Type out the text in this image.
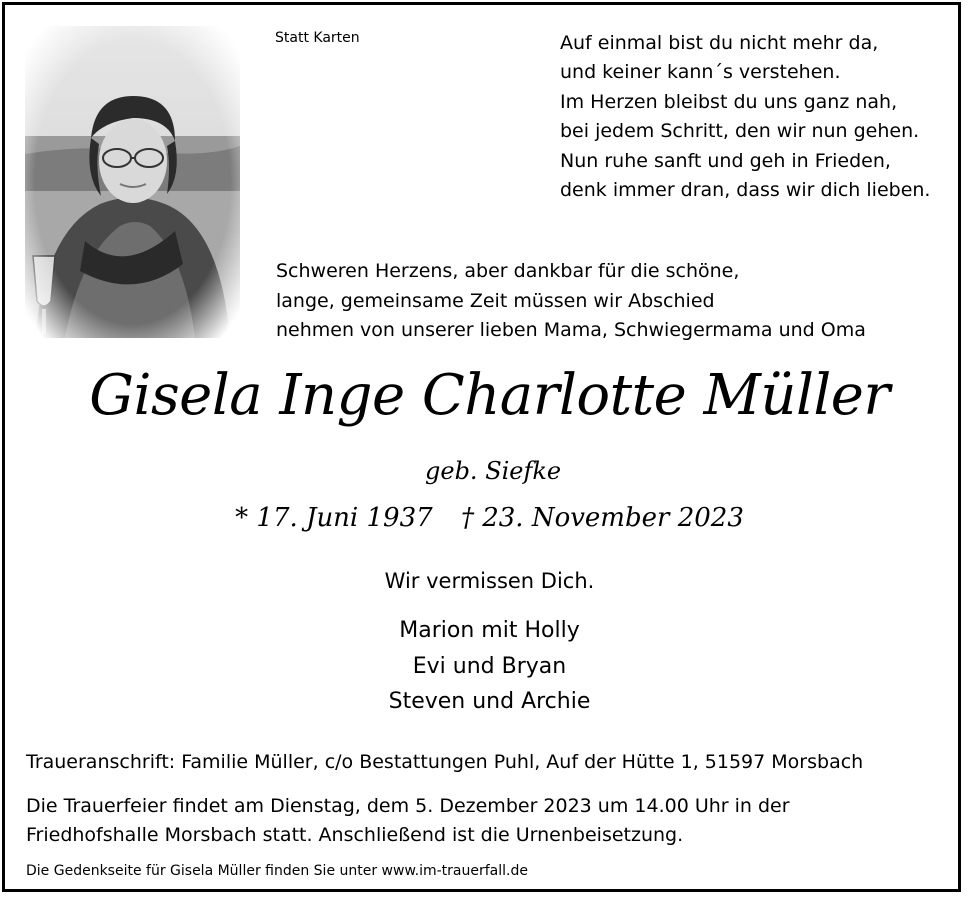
Statt Karten	Auf einmal bist du nicht mehr da,
und keiner kann´s verstehen.
Im Herzen bleibst du uns ganz nah,
bei jedem Schritt, den wir nun gehen.
Nun ruhe sanft und geh in Frieden,
denk immer dran, dass wir dich lieben.
Schweren Herzens, aber dankbar für die schöne,
lange, gemeinsame Zeit müssen wir Abschied
nehmen von unserer lieben Mama, Schwiegermama und Oma
Gisela Inge Charlotte Müller
geb. Siefke
* 17. Juni 1937 † 23. November 2023
Wir vermissen Dich.
Marion mit Holly
Evi und Bryan
Steven und Archie
Traueranschrift: Familie Müller, c/o Bestattungen Puhl, Auf der Hütte 1, 51597 Morsbach
Die Trauerfeier findet am Dienstag, dem 5. Dezember 2023 um 14.00 Uhr in der
Friedhofshalle Morsbach statt. Anschließend ist die Urnenbeisetzung.
Die Gedenkseite für Gisela Müller finden Sie unter www.im-trauerfall.de
